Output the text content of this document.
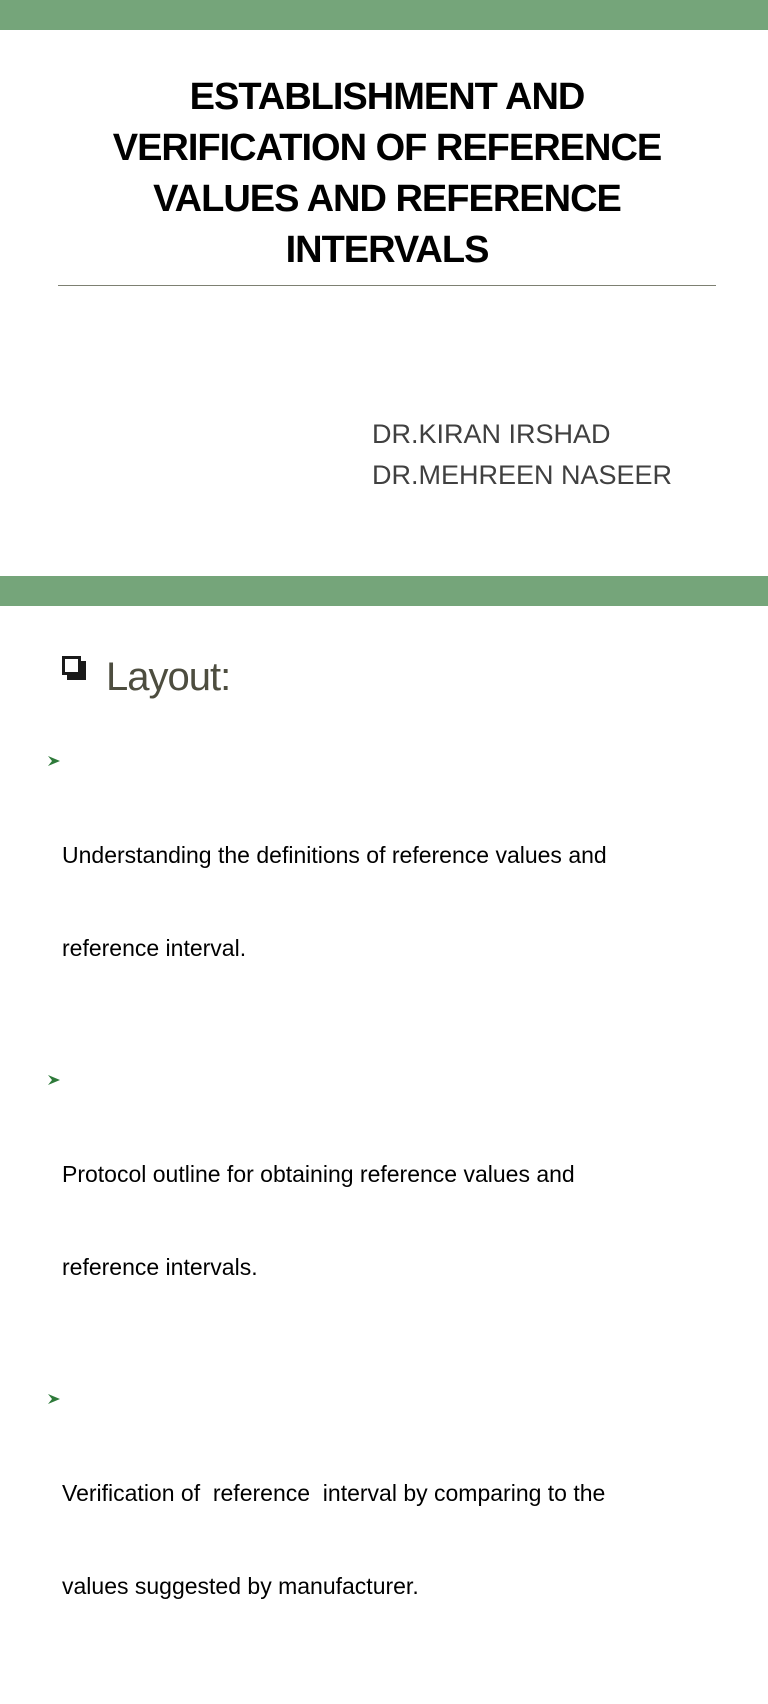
ESTABLISHMENT AND
VERIFICATION OF REFERENCE
VALUES AND REFERENCE
INTERVALS
DR.KIRAN IRSHAD
DR.MEHREEN NASEER
Layout:

Understanding the definitions of reference values and

reference interval.

Protocol outline for obtaining reference values and

reference intervals.

Verification of  reference  interval by comparing to the

values suggested by manufacturer.
